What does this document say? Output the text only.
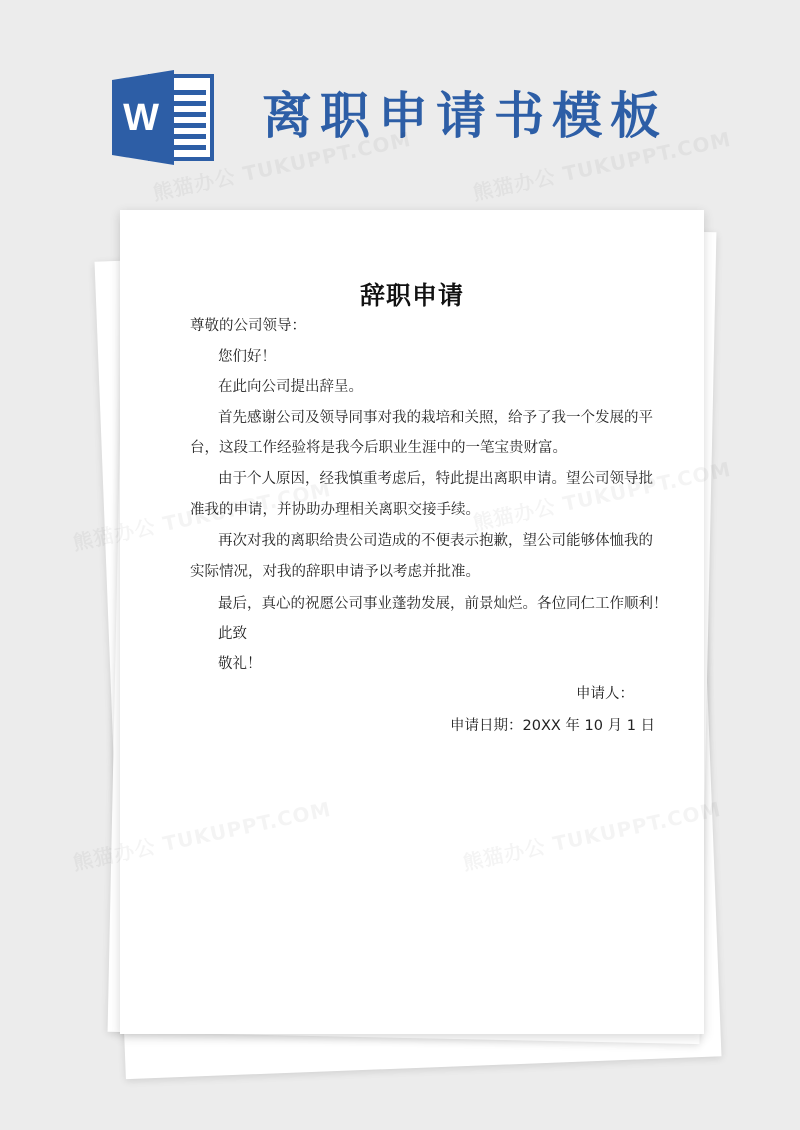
W 离职申请书模板
辞职申请
尊敬的公司领导：
您们好！
在此向公司提出辞呈。
首先感谢公司及领导同事对我的栽培和关照，给予了我一个发展的平
台，这段工作经验将是我今后职业生涯中的一笔宝贵财富。
由于个人原因，经我慎重考虑后，特此提出离职申请。望公司领导批
准我的申请，并协助办理相关离职交接手续。
再次对我的离职给贵公司造成的不便表示抱歉，望公司能够体恤我的
实际情况，对我的辞职申请予以考虑并批准。
最后，真心的祝愿公司事业蓬勃发展，前景灿烂。各位同仁工作顺利！
此致
敬礼！
申请人：
申请日期：20XX 年 10 月 1 日
